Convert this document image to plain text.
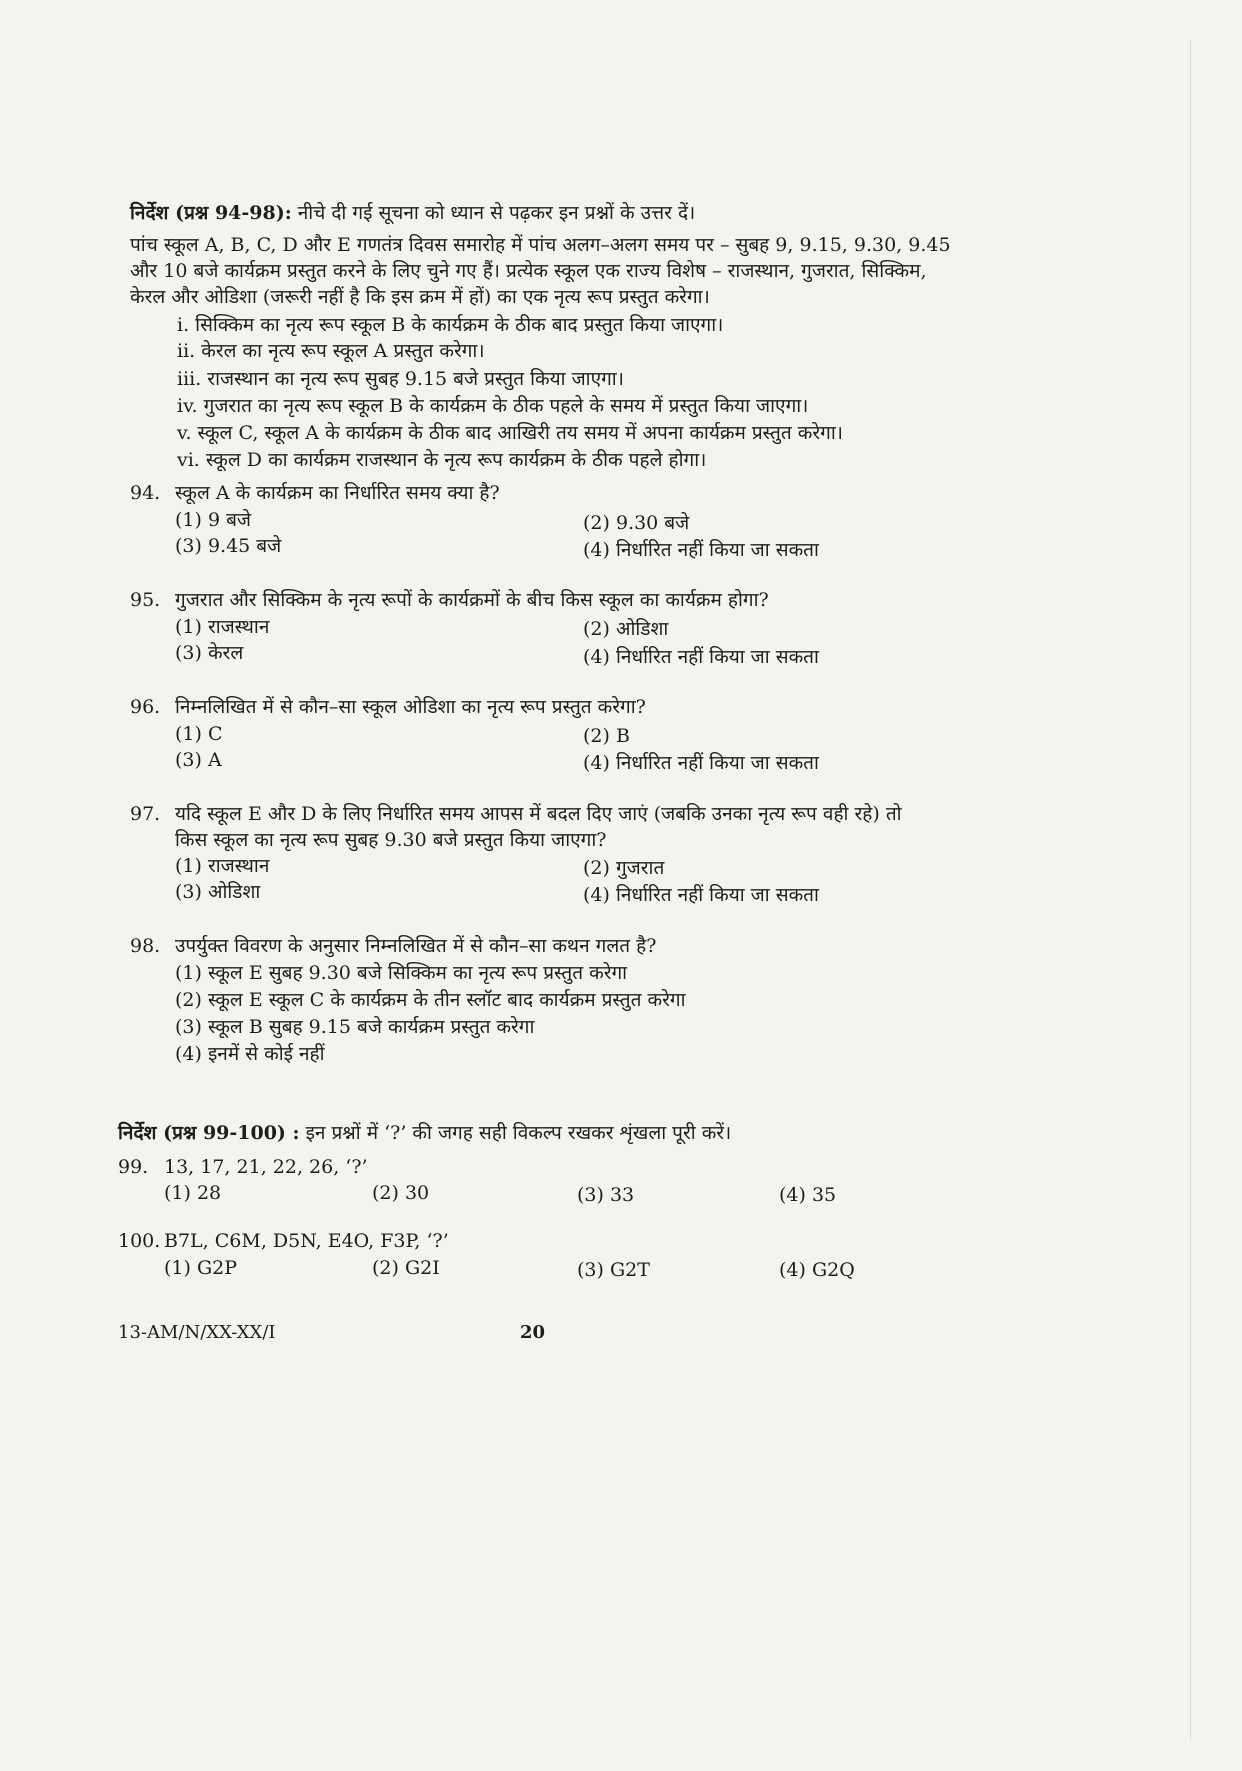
निर्देश (प्रश्न 94-98): नीचे दी गई सूचना को ध्यान से पढ़कर इन प्रश्नों के उत्तर दें।
पांच स्कूल A, B, C, D और E गणतंत्र दिवस समारोह में पांच अलग–अलग समय पर – सुबह 9, 9.15, 9.30, 9.45
और 10 बजे कार्यक्रम प्रस्तुत करने के लिए चुने गए हैं। प्रत्येक स्कूल एक राज्य विशेष – राजस्थान, गुजरात, सिक्किम,
केरल और ओडिशा (जरूरी नहीं है कि इस क्रम में हों) का एक नृत्य रूप प्रस्तुत करेगा।
i. सिक्किम का नृत्य रूप स्कूल B के कार्यक्रम के ठीक बाद प्रस्तुत किया जाएगा।
ii. केरल का नृत्य रूप स्कूल A प्रस्तुत करेगा।
iii. राजस्थान का नृत्य रूप सुबह 9.15 बजे प्रस्तुत किया जाएगा।
iv. गुजरात का नृत्य रूप स्कूल B के कार्यक्रम के ठीक पहले के समय में प्रस्तुत किया जाएगा।
v. स्कूल C, स्कूल A के कार्यक्रम के ठीक बाद आखिरी तय समय में अपना कार्यक्रम प्रस्तुत करेगा।
vi. स्कूल D का कार्यक्रम राजस्थान के नृत्य रूप कार्यक्रम के ठीक पहले होगा।
94. स्कूल A के कार्यक्रम का निर्धारित समय क्या है?
(1) 9 बजे	(2) 9.30 बजे
(3) 9.45 बजे	(4) निर्धारित नहीं किया जा सकता
95. गुजरात और सिक्किम के नृत्य रूपों के कार्यक्रमों के बीच किस स्कूल का कार्यक्रम होगा?
(1) राजस्थान	(2) ओडिशा
(3) केरल	(4) निर्धारित नहीं किया जा सकता
96. निम्नलिखित में से कौन–सा स्कूल ओडिशा का नृत्य रूप प्रस्तुत करेगा?
(1) C	(2) B
(3) A	(4) निर्धारित नहीं किया जा सकता
97. यदि स्कूल E और D के लिए निर्धारित समय आपस में बदल दिए जाएं (जबकि उनका नृत्य रूप वही रहे) तो
किस स्कूल का नृत्य रूप सुबह 9.30 बजे प्रस्तुत किया जाएगा?
(1) राजस्थान	(2) गुजरात
(3) ओडिशा	(4) निर्धारित नहीं किया जा सकता
98. उपर्युक्त विवरण के अनुसार निम्नलिखित में से कौन–सा कथन गलत है?
(1) स्कूल E सुबह 9.30 बजे सिक्किम का नृत्य रूप प्रस्तुत करेगा
(2) स्कूल E स्कूल C के कार्यक्रम के तीन स्लॉट बाद कार्यक्रम प्रस्तुत करेगा
(3) स्कूल B सुबह 9.15 बजे कार्यक्रम प्रस्तुत करेगा
(4) इनमें से कोई नहीं
निर्देश (प्रश्न 99-100) : इन प्रश्नों में ‘?’ की जगह सही विकल्प रखकर शृंखला पूरी करें।
99. 13, 17, 21, 22, 26, ‘?’
(1) 28	(2) 30	(3) 33	(4) 35
100. B7L, C6M, D5N, E4O, F3P, ‘?’
(1) G2P	(2) G2I	(3) G2T	(4) G2Q
13-AM/N/XX-XX/I	20
